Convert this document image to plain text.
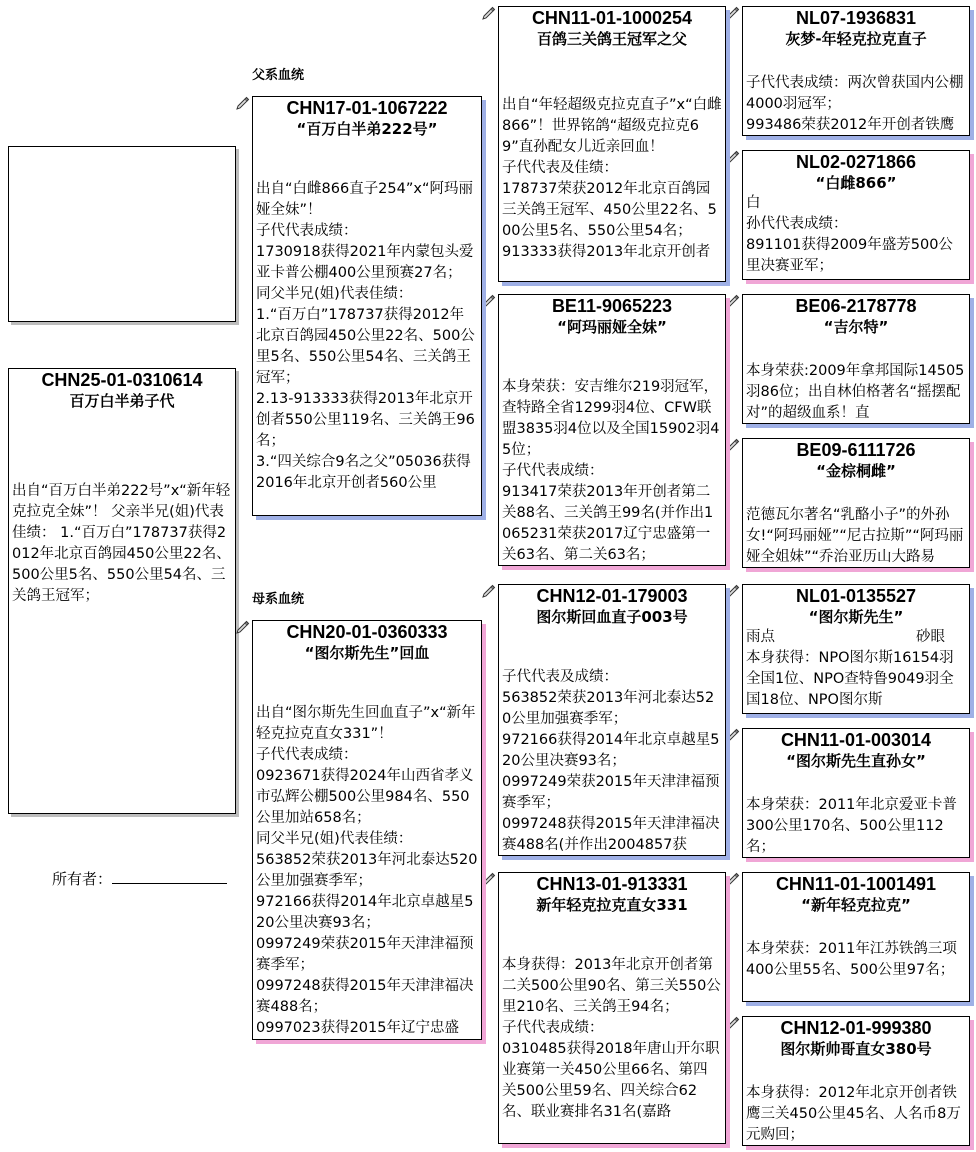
CHN25-01-0310614
百万白半弟子代
出自“百万白半弟222号”x“新年轻克拉克全妹”！ 父亲半兄(姐)代表佳绩： 1.“百万白”178737获得2012年北京百鸽园450公里22名、500公里5名、550公里54名、三关鸽王冠军；
所有者：
父系血统
母系血统
CHN17-01-1067222
“百万白半弟222号”
出自“白雌866直子254”x“阿玛丽娅全妹”！
子代代表成绩：
1730918获得2021年内蒙包头爱亚卡普公棚400公里预赛27名；
同父半兄(姐)代表佳绩：
1.“百万白”178737获得2012年北京百鸽园450公里22名、500公里5名、550公里54名、三关鸽王冠军；
2.13-913333获得2013年北京开创者550公里119名、三关鸽王96名；
3.“四关综合9名之父”05036获得2016年北京开创者560公里
CHN20-01-0360333
“图尔斯先生”回血
出自“图尔斯先生回血直子”x“新年轻克拉克直女331”！
子代代表成绩：
0923671获得2024年山西省孝义市弘辉公棚500公里984名、550公里加站658名；
同父半兄(姐)代表佳绩：
563852荣获2013年河北泰达520公里加强赛季军；
972166获得2014年北京卓越星520公里决赛93名；
0997249荣获2015年天津津福预赛季军；
0997248获得2015年天津津福决赛488名；
0997023获得2015年辽宁忠盛
CHN11-01-1000254
百鸽三关鸽王冠军之父
出自“年轻超级克拉克直子”x“白雌866”！世界铭鸽“超级克拉克69”直孙配女儿近亲回血！
子代代表及佳绩：
178737荣获2012年北京百鸽园三关鸽王冠军、450公里22名、500公里5名、550公里54名；
913333获得2013年北京开创者
BE11-9065223
“阿玛丽娅全妹”
本身荣获：安吉维尔219羽冠军，查特路全省1299羽4位、CFW联盟3835羽4位以及全国15902羽45位；
子代代表成绩：
913417荣获2013年开创者第二关88名、三关鸽王99名(并作出1065231荣获2017辽宁忠盛第一关63名、第二关63名；
CHN12-01-179003
图尔斯回血直子003号
子代代表及成绩：
563852荣获2013年河北泰达520公里加强赛季军；
972166获得2014年北京卓越星520公里决赛93名；
0997249荣获2015年天津津福预赛季军；
0997248获得2015年天津津福决赛488名(并作出2004857获
CHN13-01-913331
新年轻克拉克直女331
本身获得：2013年北京开创者第二关500公里90名、第三关550公里210名、三关鸽王94名；
子代代表成绩：
0310485获得2018年唐山开尔职业赛第一关450公里66名、第四关500公里59名、四关综合62名、联业赛排名31名(嘉路
NL07-1936831
灰梦-年轻克拉克直子
子代代表成绩：两次曾获国内公棚4000羽冠军；
993486荣获2012年开创者铁鹰
NL02-0271866
“白雌866”
白
孙代代表成绩：
891101获得2009年盛芳500公里决赛亚军；
BE06-2178778
“吉尔特”
本身荣获:2009年拿邦国际14505羽86位；出自林伯格著名“摇摆配对”的超级血系！直
BE09-6111726
“金棕桐雌”
范德瓦尔著名“乳酪小子”的外孙女!“阿玛丽娅”“尼古拉斯”“阿玛丽娅全姐妹”“乔治亚历山大路易
NL01-0135527
“图尔斯先生”
雨点	砂眼
本身获得：NPO图尔斯16154羽全国1位、NPO查特鲁9049羽全国18位、NPO图尔斯
CHN11-01-003014
“图尔斯先生直孙女”
本身荣获：2011年北京爱亚卡普300公里170名、500公里112名；
CHN11-01-1001491
“新年轻克拉克”
本身荣获：2011年江苏铁鸽三项400公里55名、500公里97名；
CHN12-01-999380
图尔斯帅哥直女380号
本身获得：2012年北京开创者铁鹰三关450公里45名、人名币8万元购回；
